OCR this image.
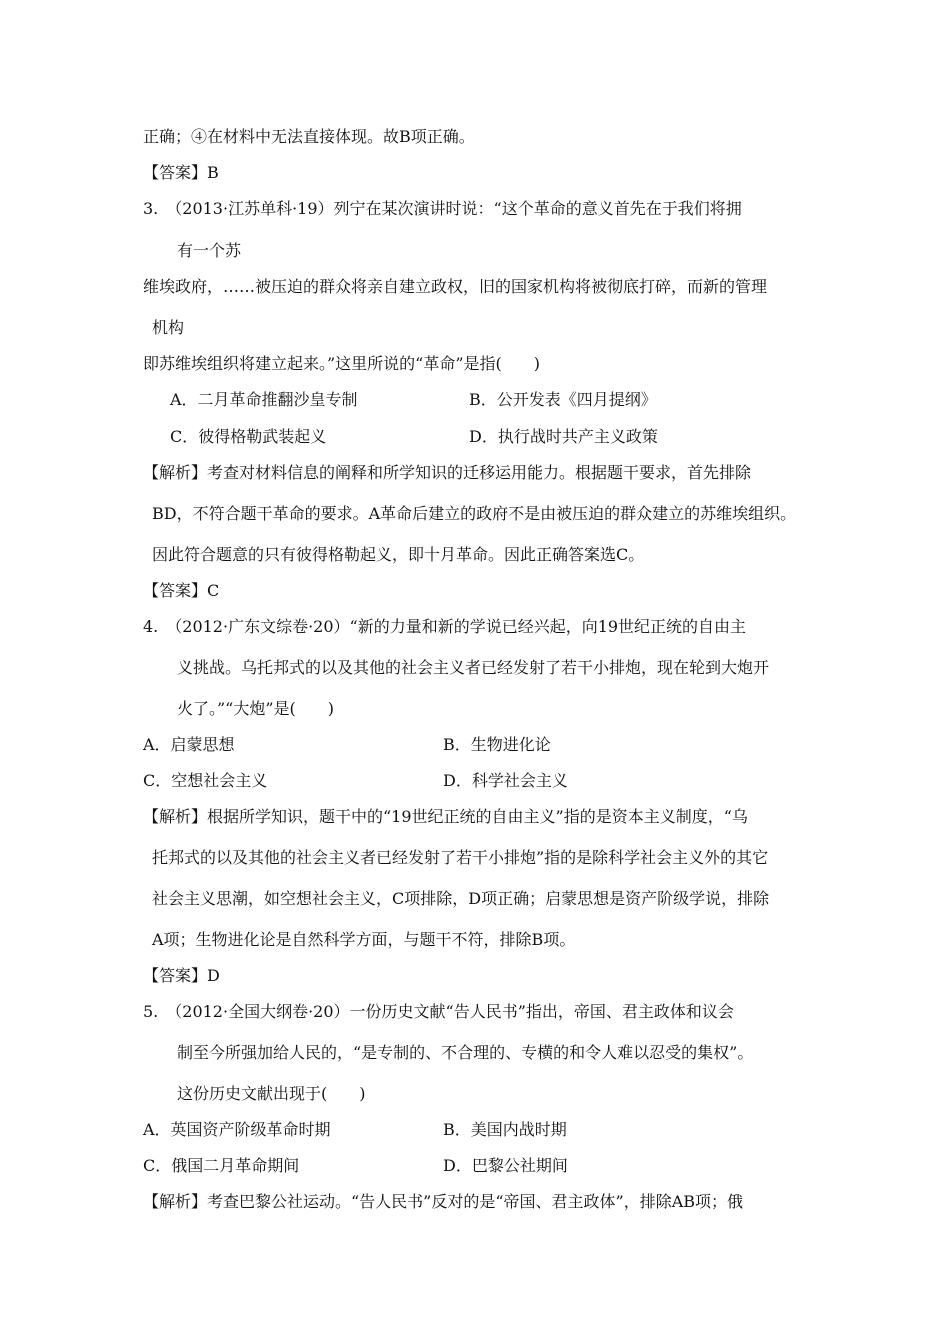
正确；④在材料中无法直接体现。故B项正确。
【答案】B
3.　（2013·江苏单科·19）列宁在某次演讲时说：“这个革命的意义首先在于我们将拥
有一个苏
维埃政府，……被压迫的群众将亲自建立政权，旧的国家机构将被彻底打碎，而新的管理
机构
即苏维埃组织将建立起来。”这里所说的“革命”是指(　　)
A．二月革命推翻沙皇专制	B．公开发表《四月提纲》
C．彼得格勒武装起义	D．执行战时共产主义政策
【解析】考查对材料信息的阐释和所学知识的迁移运用能力。根据题干要求，首先排除
BD，不符合题干革命的要求。A革命后建立的政府不是由被压迫的群众建立的苏维埃组织。
因此符合题意的只有彼得格勒起义，即十月革命。因此正确答案选C。
【答案】C
4.　（2012·广东文综卷·20）“新的力量和新的学说已经兴起，向19世纪正统的自由主
义挑战。乌托邦式的以及其他的社会主义者已经发射了若干小排炮，现在轮到大炮开
火了。”“大炮”是(　　)
A．启蒙思想	B．生物进化论
C．空想社会主义	D．科学社会主义
【解析】根据所学知识，题干中的“19世纪正统的自由主义”指的是资本主义制度，“乌
托邦式的以及其他的社会主义者已经发射了若干小排炮”指的是除科学社会主义外的其它
社会主义思潮，如空想社会主义，C项排除，D项正确；启蒙思想是资产阶级学说，排除
A项；生物进化论是自然科学方面，与题干不符，排除B项。
【答案】D
5.　（2012·全国大纲卷·20）一份历史文献“告人民书”指出，帝国、君主政体和议会
制至今所强加给人民的，“是专制的、不合理的、专横的和令人难以忍受的集权”。
这份历史文献出现于(　　)
A．英国资产阶级革命时期	B．美国内战时期
C．俄国二月革命期间	D．巴黎公社期间
【解析】考查巴黎公社运动。“告人民书”反对的是“帝国、君主政体”，排除AB项；俄
